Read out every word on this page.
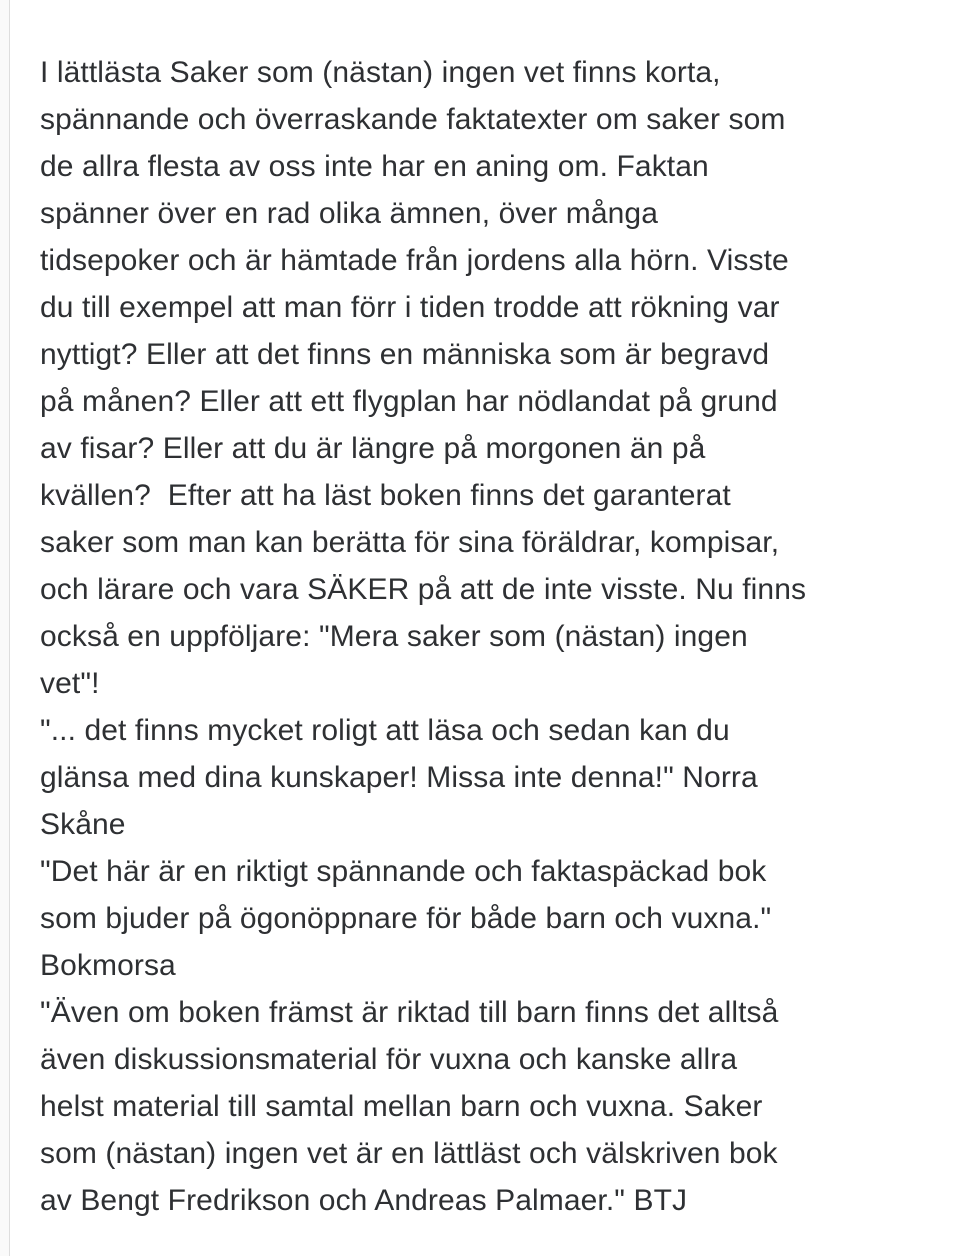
I lättlästa Saker som (nästan) ingen vet finns korta,
spännande och överraskande faktatexter om saker som
de allra flesta av oss inte har en aning om. Faktan
spänner över en rad olika ämnen, över många
tidsepoker och är hämtade från jordens alla hörn. Visste
du till exempel att man förr i tiden trodde att rökning var
nyttigt? Eller att det finns en människa som är begravd
på månen? Eller att ett flygplan har nödlandat på grund
av fisar? Eller att du är längre på morgonen än på
kvällen?  Efter att ha läst boken finns det garanterat
saker som man kan berätta för sina föräldrar, kompisar,
och lärare och vara SÄKER på att de inte visste. Nu finns
också en uppföljare: "Mera saker som (nästan) ingen
vet"!
"... det finns mycket roligt att läsa och sedan kan du
glänsa med dina kunskaper! Missa inte denna!" Norra
Skåne
"Det här är en riktigt spännande och faktaspäckad bok
som bjuder på ögonöppnare för både barn och vuxna."
Bokmorsa
"Även om boken främst är riktad till barn finns det alltså
även diskussionsmaterial för vuxna och kanske allra
helst material till samtal mellan barn och vuxna. Saker
som (nästan) ingen vet är en lättläst och välskriven bok
av Bengt Fredrikson och Andreas Palmaer." BTJ
